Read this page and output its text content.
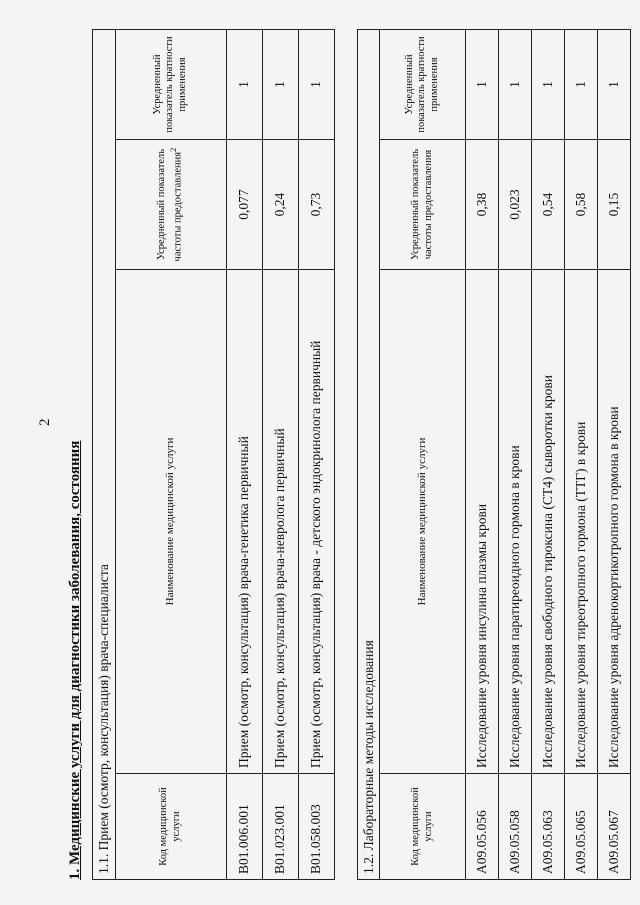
2
1. Медицинские услуги для диагностики заболевания, состояния 1.1. Прием (осмотр, консультация) врача-специалиста			
Код медицинской услуги	Наименование медицинской услуги	Усредненный показатель частоты предоставления$^2$	Усредненный показатель кратности применения
B01.006.001	Прием (осмотр, консультация) врача-генетика первичный	0,077	1
B01.023.001	Прием (осмотр, консультация) врача-невролога первичный	0,24	1
B01.058.003	Прием (осмотр, консультация) врача - детского эндокринолога первичный	0,73	1
1.2. Лабораторные методы исследования			
Код медицинской услуги	Наименование медицинской услуги	Усредненный показатель частоты предоставления	Усредненный показатель кратности применения
A09.05.056	Исследование уровня инсулина плазмы крови	0,38	1
A09.05.058	Исследование уровня паратиреоидного гормона в крови	0,023	1
A09.05.063	Исследование уровня свободного тироксина (СТ4) сыворотки крови	0,54	1
A09.05.065	Исследование уровня тиреотропного гормона (ТТГ) в крови	0,58	1
A09.05.067	Исследование уровня адренокортикотропного гормона в крови	0,15	1
